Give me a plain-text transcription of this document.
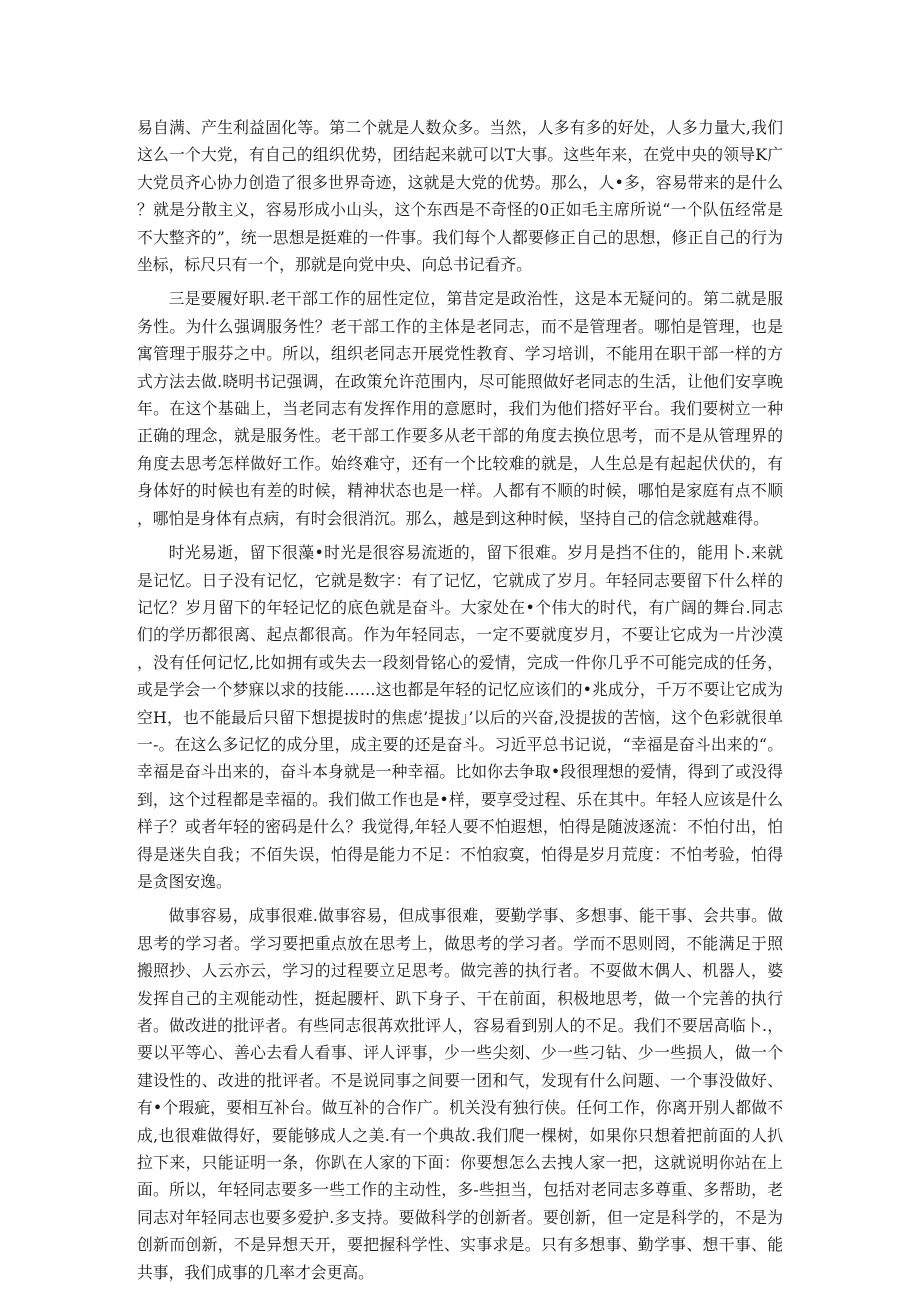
易自满、产生利益固化等。第二个就是人数众多。当然，人多有多的好处，人多力量大,我们这么一个大党，有自己的组织优势，团结起来就可以T大事。这些年来，在党中央的领导K广大党员齐心协力创造了很多世界奇迹，这就是大党的优势。那么，人•多，容易带来的是什么？就是分散主义，容易形成小山头，这个东西是不奇怪的0正如毛主席所说“一个队伍经常是不大整齐的”，统一思想是挺难的一件事。我们每个人都要修正自己的思想，修正自己的行为坐标，标尺只有一个，那就是向党中央、向总书记看齐。

三是要履好职.老干部工作的屈性定位，第昔定是政治性，这是本无疑问的。第二就是服务性。为什么强调服务性？老干部工作的主体是老同志，而不是管理者。哪怕是管理，也是寓管理于服芬之中。所以，组织老同志开展党性教育、学习培训，不能用在职干部一样的方式方法去做.晓明书记强调，在政策允许范围内，尽可能照做好老同志的生活，让他们安享晚年。在这个基础上，当老同志有发挥作用的意愿时，我们为他们搭好平台。我们要树立一种正确的理念，就是服务性。老干部工作要多从老干部的角度去换位思考，而不是从管理界的角度去思考怎样做好工作。始终难守，还有一个比较难的就是，人生总是有起起伏伏的，有身体好的时候也有差的时候，精神状态也是一样。人都有不顺的时候，哪怕是家庭有点不顺，哪怕是身体有点病，有时会很消沉。那么，越是到这种时候，坚持自己的信念就越难得。

时光易逝，留下很藻•时光是很容易流逝的，留下很难。岁月是挡不住的，能用卜.来就是记忆。日子没有记忆，它就是数字：有了记忆，它就成了岁月。年轻同志要留下什么样的记忆？岁月留下的年轻记忆的底色就是奋斗。大家处在•个伟大的时代，有广阔的舞台.同志们的学历都很离、起点都很高。作为年轻同志，一定不要就度岁月，不要让它成为一片沙漠，没有任何记忆,比如拥有或失去一段刻骨铭心的爱情，完成一件你几乎不可能完成的任务，或是学会一个梦寐以求的技能……这也都是年轻的记忆应该们的•兆成分，千万不要让它成为空H，也不能最后只留下想提拔时的焦虑’提拔」’以后的兴奋,没提拔的苦恼，这个色彩就很单一-。在这么多记忆的成分里，成主要的还是奋斗。习近平总书记说，“幸福是奋斗出来的“。幸福是奋斗出来的，奋斗本身就是一种幸福。比如你去争取•段很理想的爱情，得到了或没得到，这个过程都是幸福的。我们做工作也是•样，要享受过程、乐在其中。年轻人应该是什么样子？或者年轻的密码是什么？我觉得,年轻人要不怕遐想，怕得是随波逐流：不怕付出，怕得是迷失自我；不佰失误，怕得是能力不足：不怕寂寞，怕得是岁月荒度：不怕考验，怕得是贪图安逸。

做事容易，成事很难.做事容易，但成事很难，要勤学事、多想事、能干事、会共事。做思考的学习者。学习要把重点放在思考上，做思考的学习者。学而不思则罔，不能满足于照搬照抄、人云亦云，学习的过程要立足思考。做完善的执行者。不耍做木偶人、机器人，婆发挥自己的主观能动性，挺起腰杆、趴下身子、干在前面，积极地思考，做一个完善的执行者。做改进的批评者。有些同志很苒欢批评人，容易看到别人的不足。我们不要居高临卜.，要以平等心、善心去看人看事、评人评事，少一些尖刻、少一些刁钻、少一些损人，做一个建设性的、改进的批评者。不是说同事之间要一团和气，发现有什么问题、一个事没做好、有•个瑕疵，要相互补台。做互补的合作广。机关没有独行侠。任何工作，你离开别人都做不成,也很难做得好，要能够成人之美.有一个典故.我们爬一棵树，如果你只想着把前面的人扒拉下来，只能证明一条，你趴在人家的下面：你要想怎么去拽人家一把，这就说明你站在上面。所以，年轻同志要多一些工作的主动性，多-些担当，包括对老同志多尊重、多帮助，老同志对年轻同志也要多爱护.多支持。要做科学的创新者。要创新，但一定是科学的，不是为创新而创新，不是异想天开，要把握科学性、实事求是。只有多想事、勤学事、想干事、能共事，我们成事的几率才会更高。
